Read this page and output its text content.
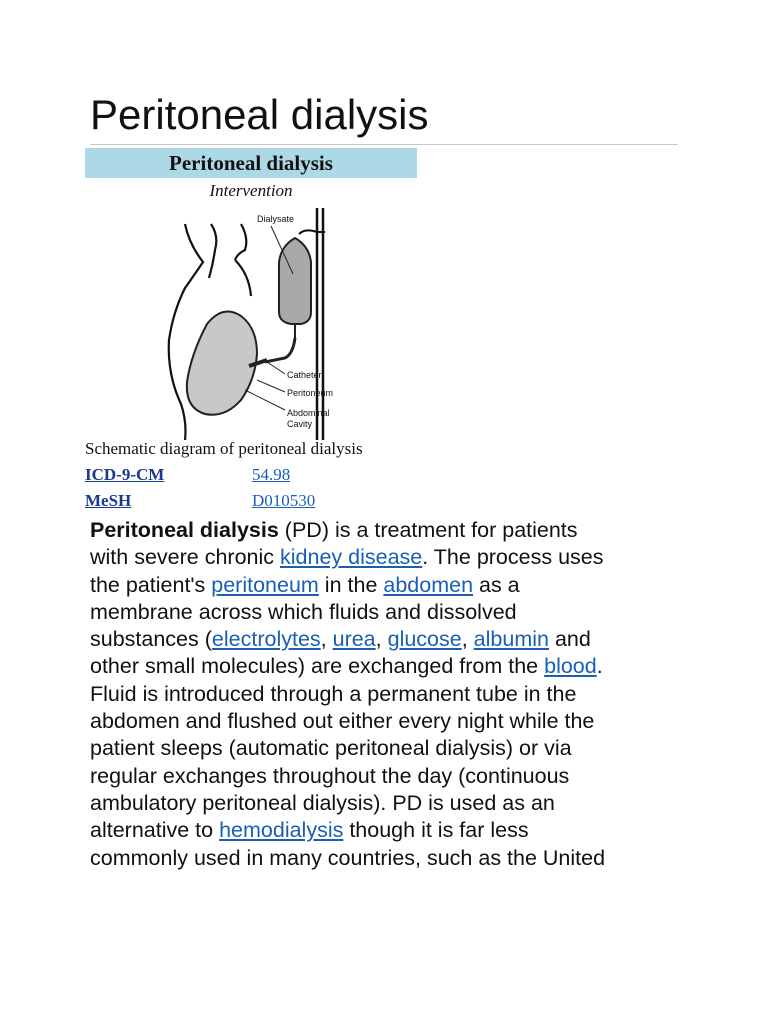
Peritoneal dialysis
Peritoneal dialysis
Intervention
Dialysate
Catheter
Peritoneum
Abdominal
Cavity
Schematic diagram of peritoneal dialysis
ICD-9-CM	54.98
MeSH	D010530
Peritoneal dialysis (PD) is a treatment for patients
with severe chronic kidney disease. The process uses
the patient's peritoneum in the abdomen as a
membrane across which fluids and dissolved
substances (electrolytes, urea, glucose, albumin and
other small molecules) are exchanged from the blood.
Fluid is introduced through a permanent tube in the
abdomen and flushed out either every night while the
patient sleeps (automatic peritoneal dialysis) or via
regular exchanges throughout the day (continuous
ambulatory peritoneal dialysis). PD is used as an
alternative to hemodialysis though it is far less
commonly used in many countries, such as the United
